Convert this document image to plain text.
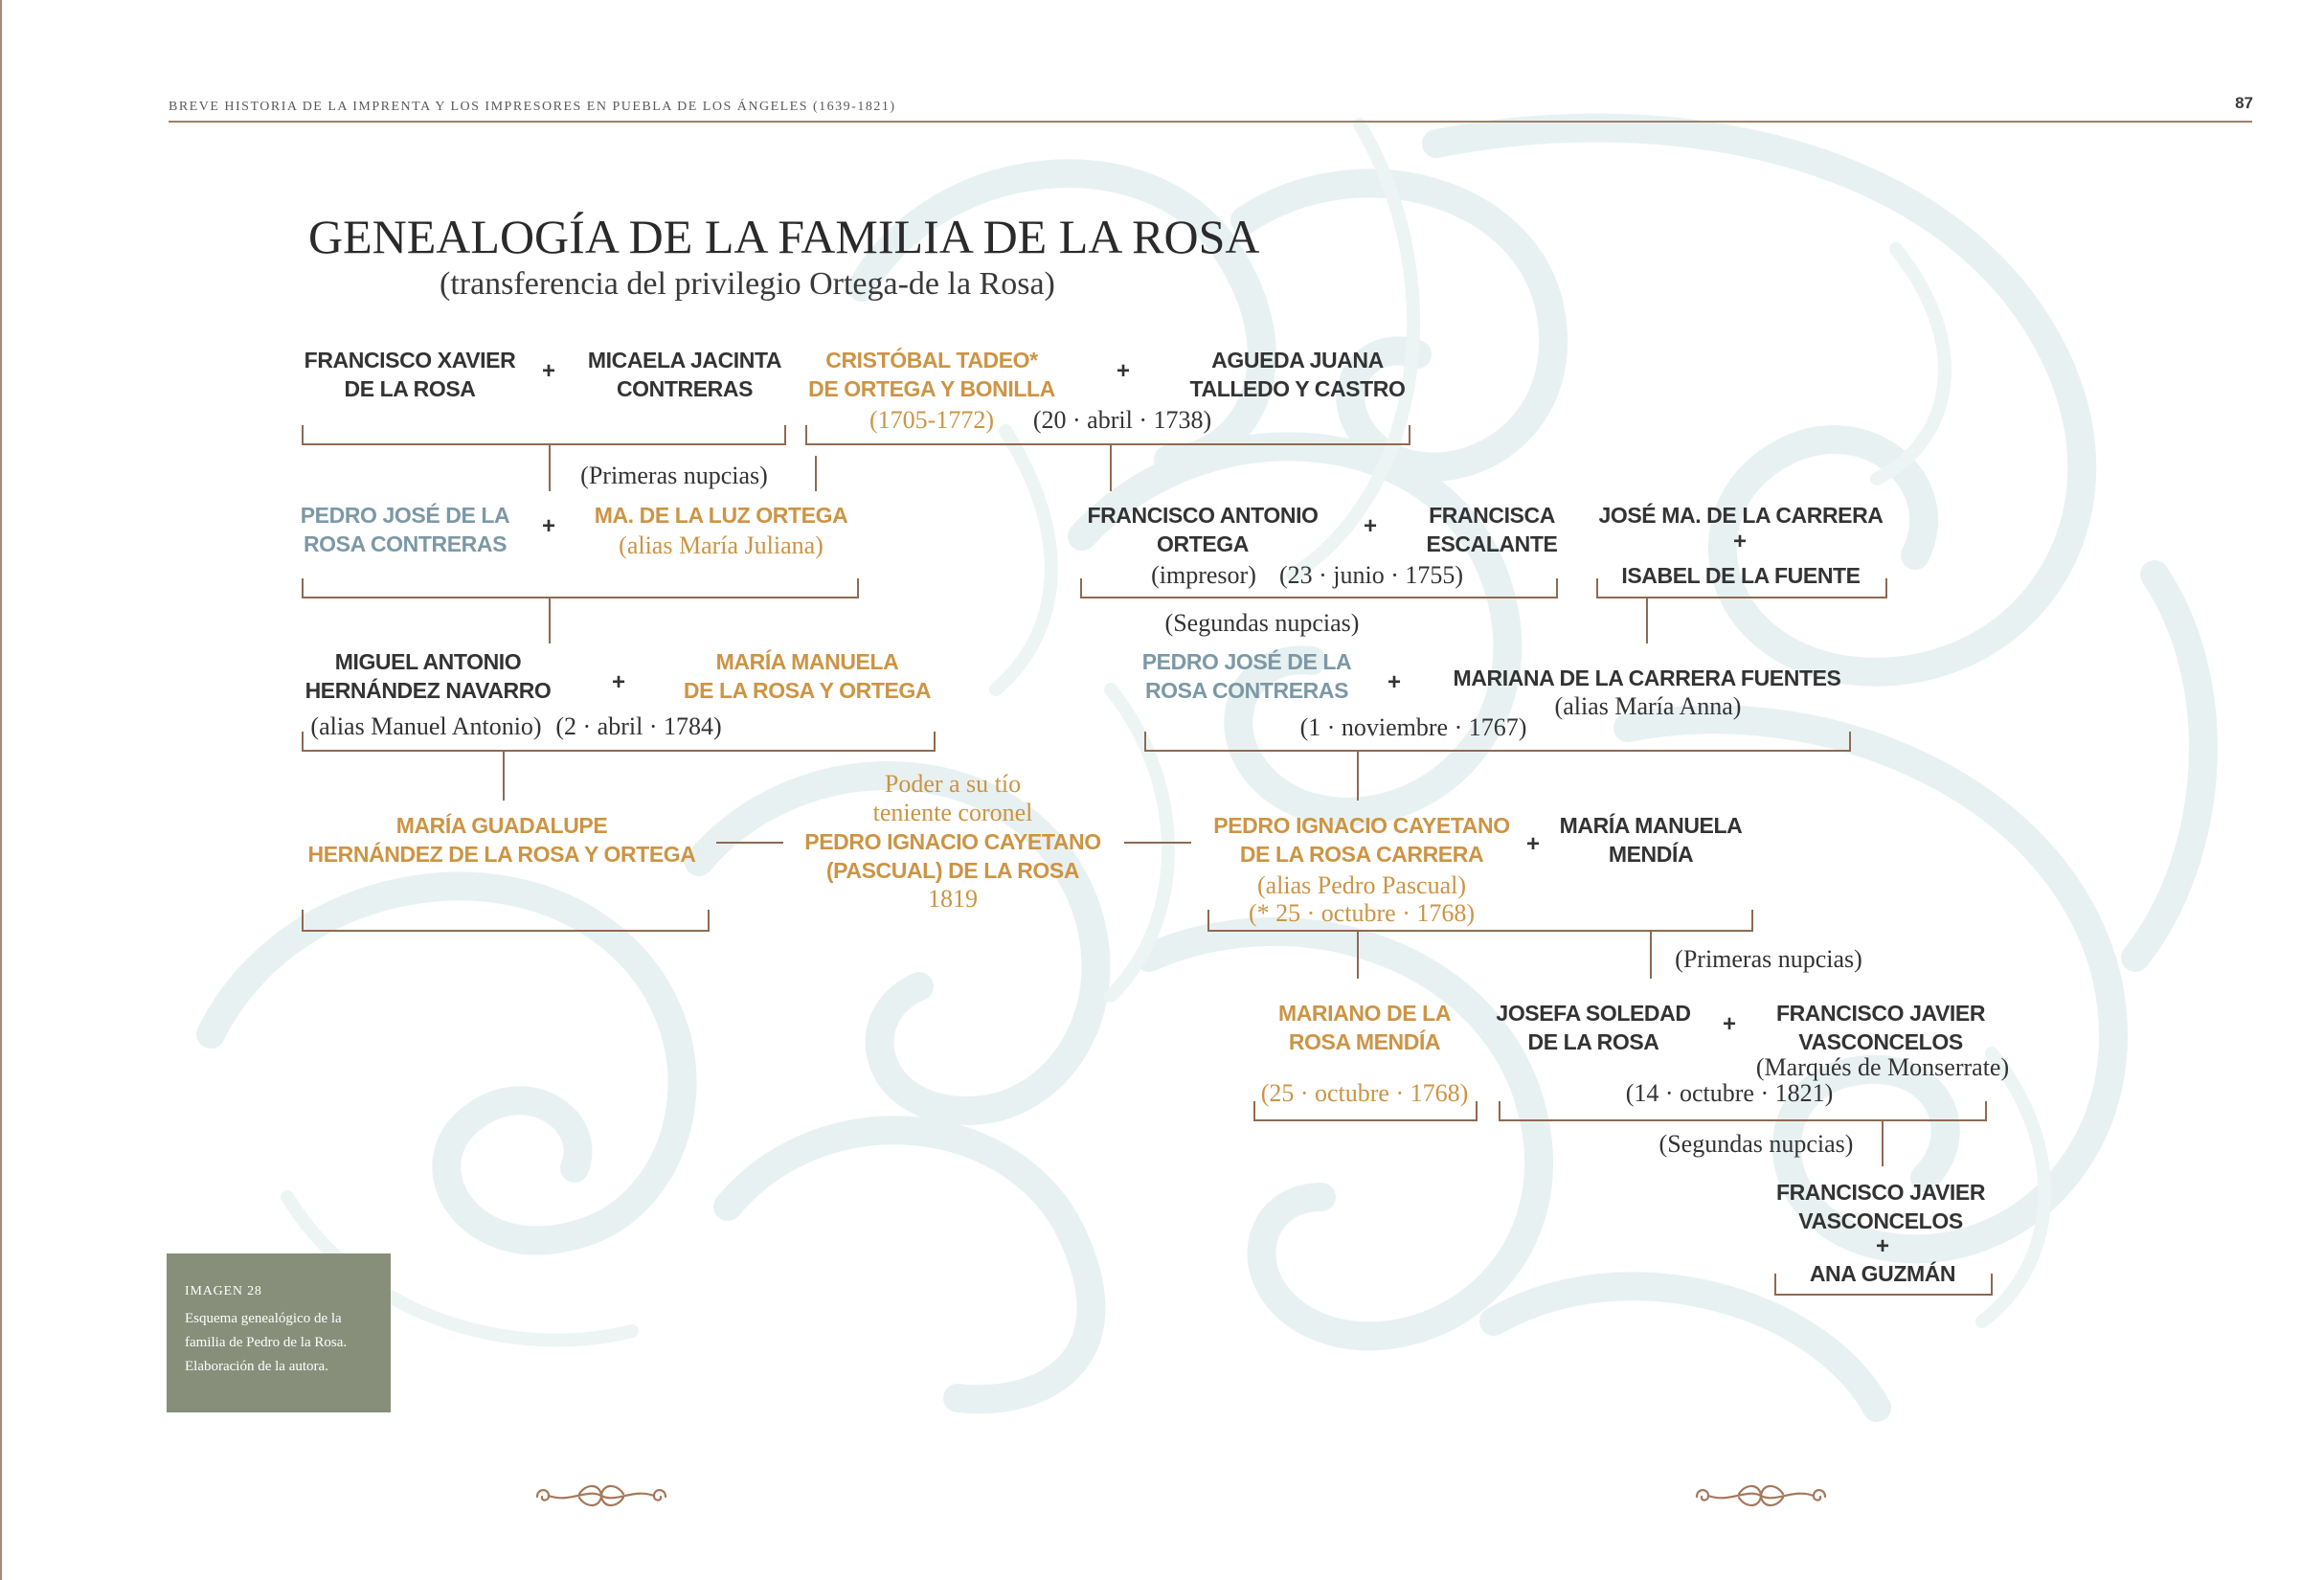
BREVE HISTORIA DE LA IMPRENTA Y LOS IMPRESORES EN PUEBLA DE LOS ÁNGELES (1639-1821)	87
GENEALOGÍA DE LA FAMILIA DE LA ROSA
(transferencia del privilegio Ortega-de la Rosa)
FRANCISCO XAVIER
DE LA ROSA
+ MICAELA JACINTA
CONTRERAS
CRISTÓBAL TADEO*
DE ORTEGA Y BONILLA
(1705-1772)
+	AGUEDA JUANA
TALLEDO Y CASTRO
(20 · abril · 1738)
(Primeras nupcias)
PEDRO JOSÉ DE LA
ROSA CONTRERAS
+ MA. DE LA LUZ ORTEGA
(alias María Juliana)
FRANCISCO ANTONIO
ORTEGA
+ FRANCISCA
ESCALANTE
(impresor) (23 · junio · 1755)
JOSÉ MA. DE LA CARRERA
+
ISABEL DE LA FUENTE
(Segundas nupcias)
MIGUEL ANTONIO
HERNÁNDEZ NAVARRO	+
MARÍA MANUELA
DE LA ROSA Y ORTEGA
(alias Manuel Antonio) (2 · abril · 1784)
PEDRO JOSÉ DE LA
ROSA CONTRERAS + MARIANA DE LA CARRERA FUENTES
(alias María Anna)
(1 · noviembre · 1767)
MARÍA GUADALUPE
HERNÁNDEZ DE LA ROSA Y ORTEGA
Poder a su tío
teniente coronel
PEDRO IGNACIO CAYETANO
(PASCUAL) DE LA ROSA
1819
PEDRO IGNACIO CAYETANO
DE LA ROSA CARRERA
(alias Pedro Pascual)
(* 25 · octubre · 1768)
+
MARÍA MANUELA
MENDÍA
(Primeras nupcias)
MARIANO DE LA
ROSA MENDÍA
(25 · octubre · 1768)
JOSEFA SOLEDAD
DE LA ROSA
+ FRANCISCO JAVIER
VASCONCELOS
(Marqués de Monserrate)
(14 · octubre · 1821)
(Segundas nupcias)
FRANCISCO JAVIER
VASCONCELOS
+
ANA GUZMÁN
IMAGEN 28
Esquema genealógico de la
familia de Pedro de la Rosa.
Elaboración de la autora.
